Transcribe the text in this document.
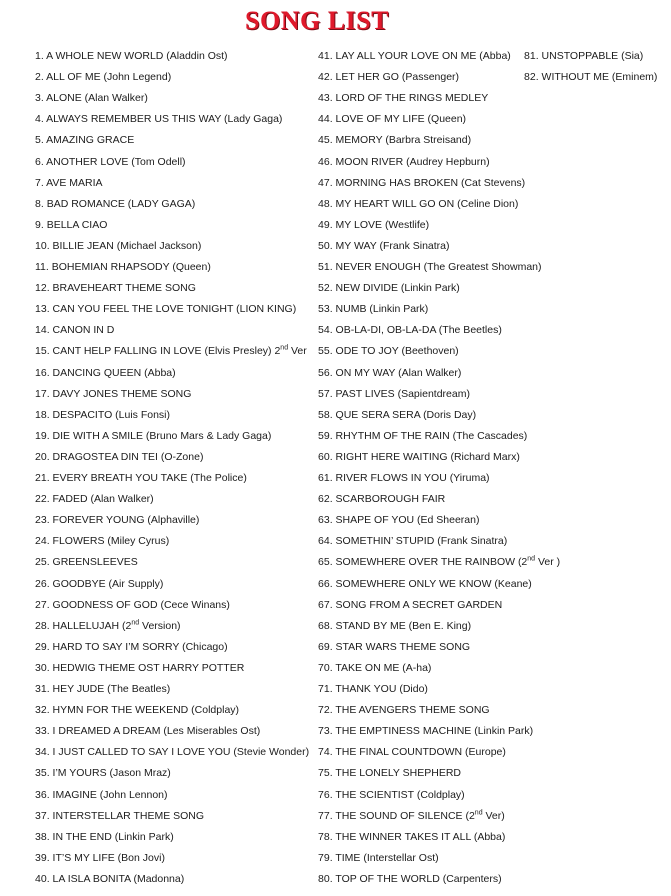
SONG LIST
1. A WHOLE NEW WORLD (Aladdin Ost)
2. ALL OF ME (John Legend)
3. ALONE (Alan Walker)
4. ALWAYS REMEMBER US THIS WAY (Lady Gaga)
5. AMAZING GRACE
6. ANOTHER LOVE (Tom Odell)
7. AVE MARIA
8. BAD ROMANCE (LADY GAGA)
9. BELLA CIAO
10. BILLIE JEAN (Michael Jackson)
11. BOHEMIAN RHAPSODY (Queen)
12. BRAVEHEART THEME SONG
13. CAN YOU FEEL THE LOVE TONIGHT (LION KING)
14. CANON IN D
15. CANT HELP FALLING IN LOVE (Elvis Presley) 2nd Ver
16. DANCING QUEEN (Abba)
17. DAVY JONES THEME SONG
18. DESPACITO (Luis Fonsi)
19. DIE WITH A SMILE (Bruno Mars & Lady Gaga)
20. DRAGOSTEA DIN TEI (O-Zone)
21. EVERY BREATH YOU TAKE (The Police)
22. FADED (Alan Walker)
23. FOREVER YOUNG (Alphaville)
24. FLOWERS (Miley Cyrus)
25. GREENSLEEVES
26. GOODBYE (Air Supply)
27. GOODNESS OF GOD (Cece Winans)
28. HALLELUJAH (2nd Version)
29. HARD TO SAY I’M SORRY (Chicago)
30. HEDWIG THEME OST HARRY POTTER
31. HEY JUDE (The Beatles)
32. HYMN FOR THE WEEKEND (Coldplay)
33. I DREAMED A DREAM (Les Miserables Ost)
34. I JUST CALLED TO SAY I LOVE YOU (Stevie Wonder)
35. I’M YOURS (Jason Mraz)
36. IMAGINE (John Lennon)
37. INTERSTELLAR THEME SONG
38. IN THE END (Linkin Park)
39. IT’S MY LIFE (Bon Jovi)
40. LA ISLA BONITA (Madonna)
41. LAY ALL YOUR LOVE ON ME (Abba)
42. LET HER GO (Passenger)
43. LORD OF THE RINGS MEDLEY
44. LOVE OF MY LIFE (Queen)
45. MEMORY (Barbra Streisand)
46. MOON RIVER (Audrey Hepburn)
47. MORNING HAS BROKEN (Cat Stevens)
48. MY HEART WILL GO ON (Celine Dion)
49. MY LOVE (Westlife)
50. MY WAY (Frank Sinatra)
51. NEVER ENOUGH (The Greatest Showman)
52. NEW DIVIDE (Linkin Park)
53. NUMB (Linkin Park)
54. OB-LA-DI, OB-LA-DA (The Beetles)
55. ODE TO JOY (Beethoven)
56. ON MY WAY (Alan Walker)
57. PAST LIVES (Sapientdream)
58. QUE SERA SERA (Doris Day)
59. RHYTHM OF THE RAIN (The Cascades)
60. RIGHT HERE WAITING (Richard Marx)
61. RIVER FLOWS IN YOU (Yiruma)
62. SCARBOROUGH FAIR
63. SHAPE OF YOU (Ed Sheeran)
64. SOMETHIN’ STUPID (Frank Sinatra)
65. SOMEWHERE OVER THE RAINBOW (2nd Ver )
66. SOMEWHERE ONLY WE KNOW (Keane)
67. SONG FROM A SECRET GARDEN
68. STAND BY ME (Ben E. King)
69. STAR WARS THEME SONG
70. TAKE ON ME (A-ha)
71. THANK YOU (Dido)
72. THE AVENGERS THEME SONG
73. THE EMPTINESS MACHINE (Linkin Park)
74. THE FINAL COUNTDOWN (Europe)
75. THE LONELY SHEPHERD
76. THE SCIENTIST (Coldplay)
77. THE SOUND OF SILENCE (2nd Ver)
78. THE WINNER TAKES IT ALL (Abba)
79. TIME (Interstellar Ost)
80. TOP OF THE WORLD (Carpenters)
81. UNSTOPPABLE (Sia)
82. WITHOUT ME (Eminem)
